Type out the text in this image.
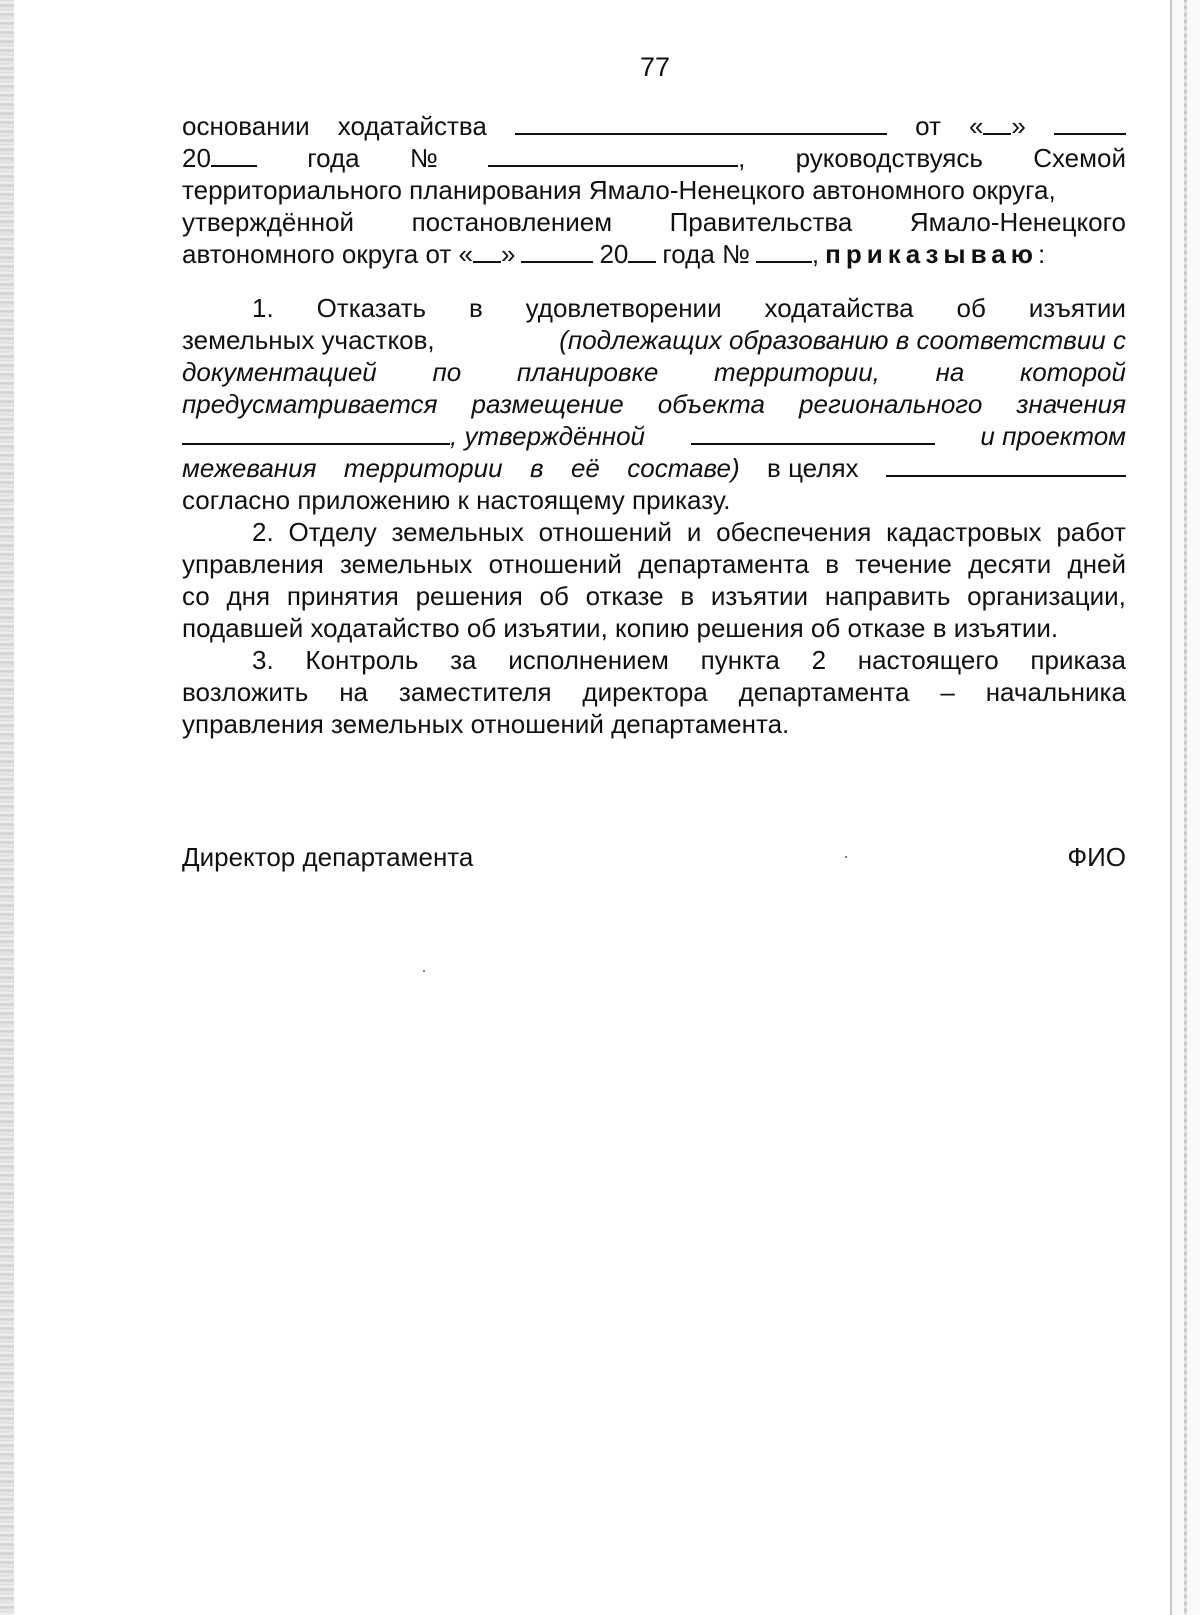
77
основании ходатайства	от « »
20	года №	, руководствуясь Схемой
территориального планирования Ямало-Ненецкого автономного округа,
утверждённой постановлением Правительства Ямало-Ненецкого
автономного округа от « »	20	года №	, приказываю:
1. Отказать в удовлетворении ходатайства об изъятии
земельных участков,	(подлежащих образованию в соответствии с
документацией по планировке территории, на которой
предусматривается размещение объекта регионального значения
, утверждённой	и проектом
межевания территории в её составе) в целях
согласно приложению к настоящему приказу.
2. Отделу земельных отношений и обеспечения кадастровых работ
управления земельных отношений департамента в течение десяти дней
со дня принятия решения об отказе в изъятии направить организации,
подавшей ходатайство об изъятии, копию решения об отказе в изъятии.
3. Контроль за исполнением пункта 2 настоящего приказа
возложить на заместителя директора департамента – начальника
управления земельных отношений департамента.
Директор департамента	ФИО
